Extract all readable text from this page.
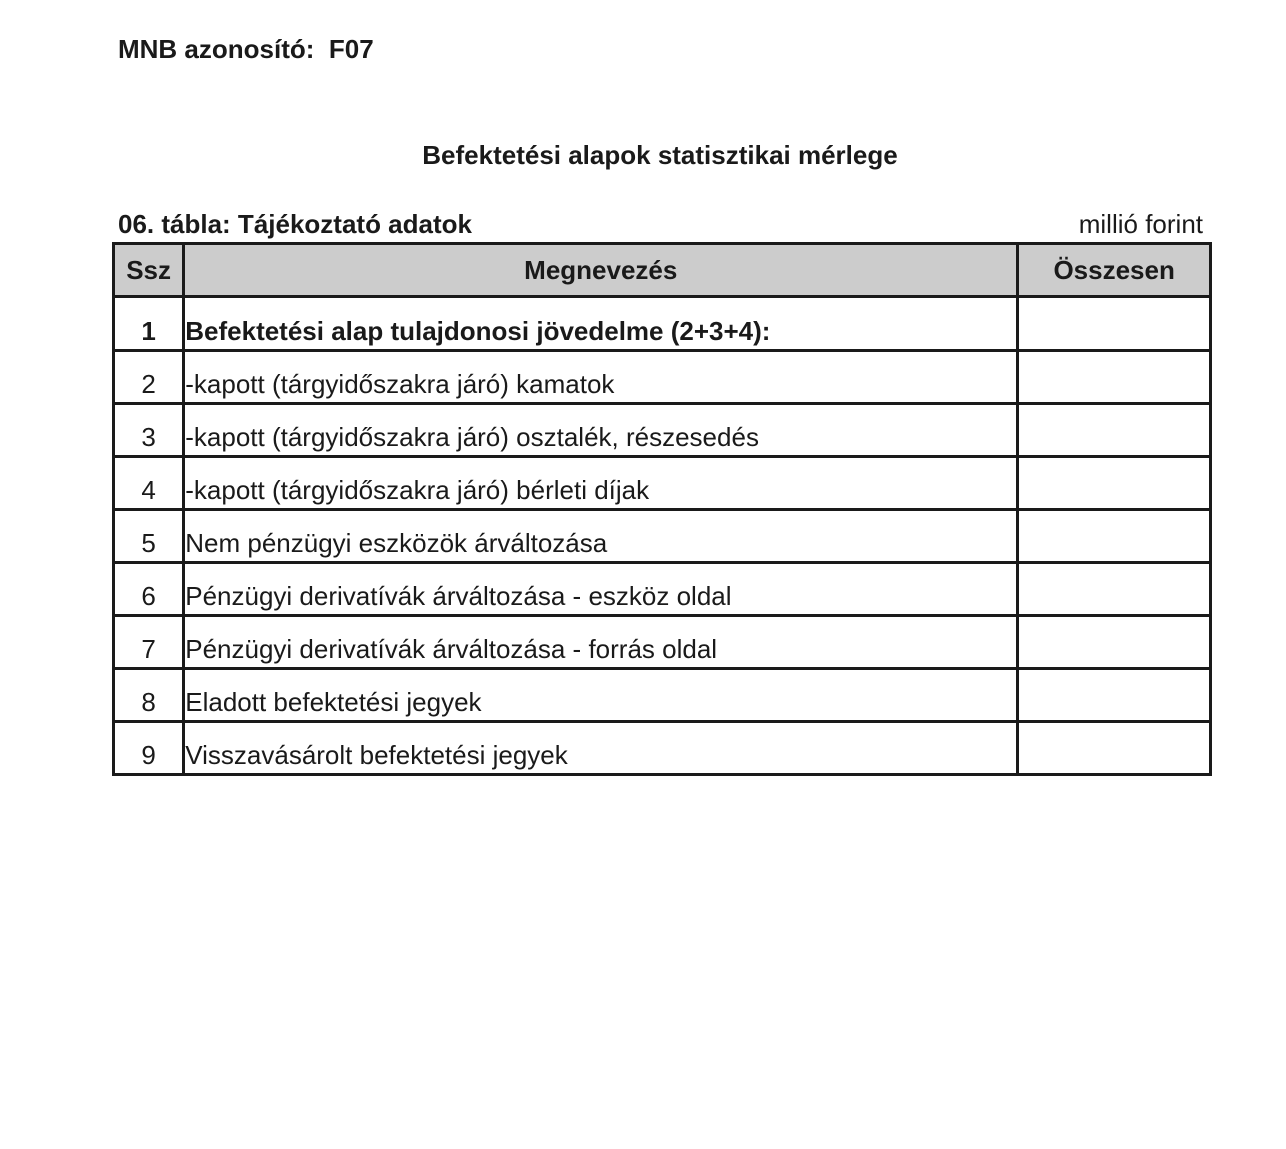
MNB azonosító: F07
Befektetési alapok statisztikai mérlege
06. tábla: Tájékoztató adatok	millió forint
Ssz	Megnevezés	Összesen
1	Befektetési alap tulajdonosi jövedelme (2+3+4):	
2	-kapott (tárgyidőszakra járó) kamatok	
3	-kapott (tárgyidőszakra járó) osztalék, részesedés	
4	-kapott (tárgyidőszakra járó) bérleti díjak	
5	Nem pénzügyi eszközök árváltozása	
6	Pénzügyi derivatívák árváltozása - eszköz oldal	
7	Pénzügyi derivatívák árváltozása - forrás oldal	
8	Eladott befektetési jegyek	
9	Visszavásárolt befektetési jegyek	
